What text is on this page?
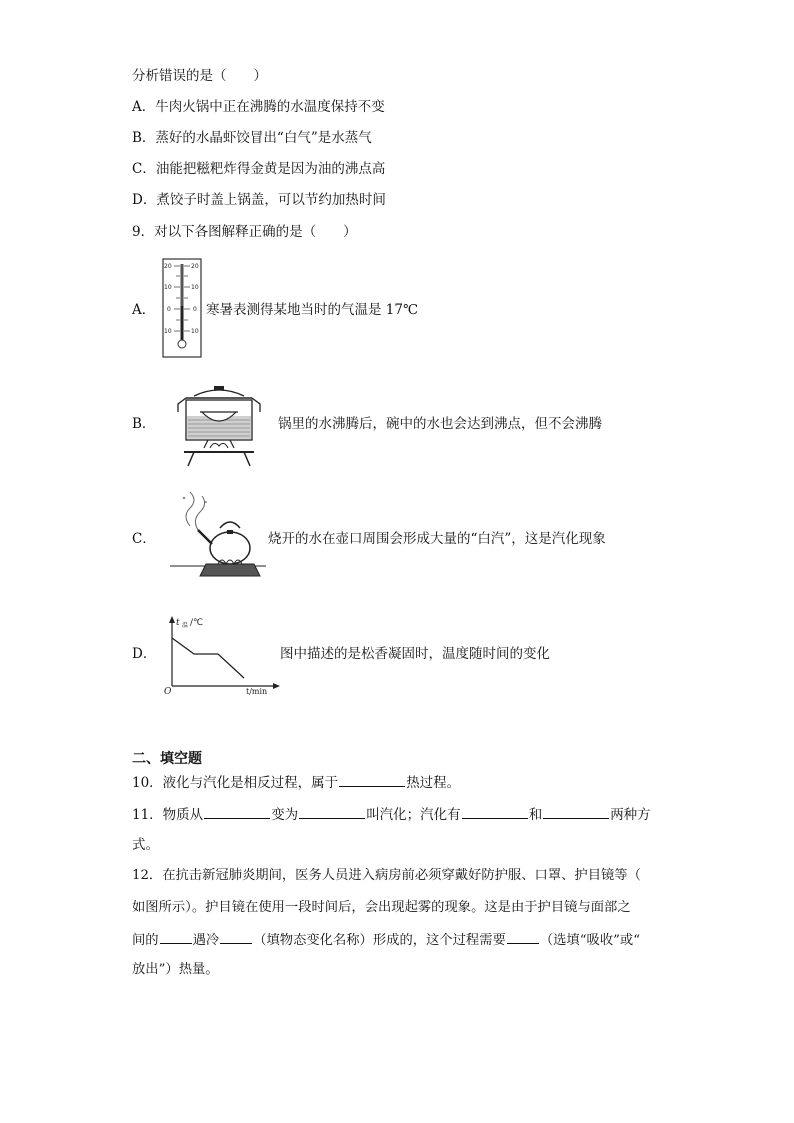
分析错误的是（　　）
A．牛肉火锅中正在沸腾的水温度保持不变
B．蒸好的水晶虾饺冒出“白气”是水蒸气
C．油能把糍粑炸得金黄是因为油的沸点高
D．煮饺子时盖上锅盖，可以节约加热时间
9．对以下各图解释正确的是（　　）
A．
20	20
10	10
0	0
10	10
寒暑表测得某地当时的气温是 17℃
B．	锅里的水沸腾后，碗中的水也会达到沸点，但不会沸腾
C．	烧开的水在壶口周围会形成大量的“白汽”，这是汽化现象
D．
t
O
温 /℃
t/min
图中描述的是松香凝固时，温度随时间的变化
二、填空题
10．液化与汽化是相反过程，属于	热过程。
11．物质从	变为	叫汽化；汽化有	和	两种方
式。
12．在抗击新冠肺炎期间，医务人员进入病房前必须穿戴好防护服、口罩、护目镜等（
如图所示）。护目镜在使用一段时间后，会出现起雾的现象。这是由于护目镜与面部之
间的	遇冷	（填物态变化名称）形成的，这个过程需要	（选填“吸收”或“
放出”）热量。
